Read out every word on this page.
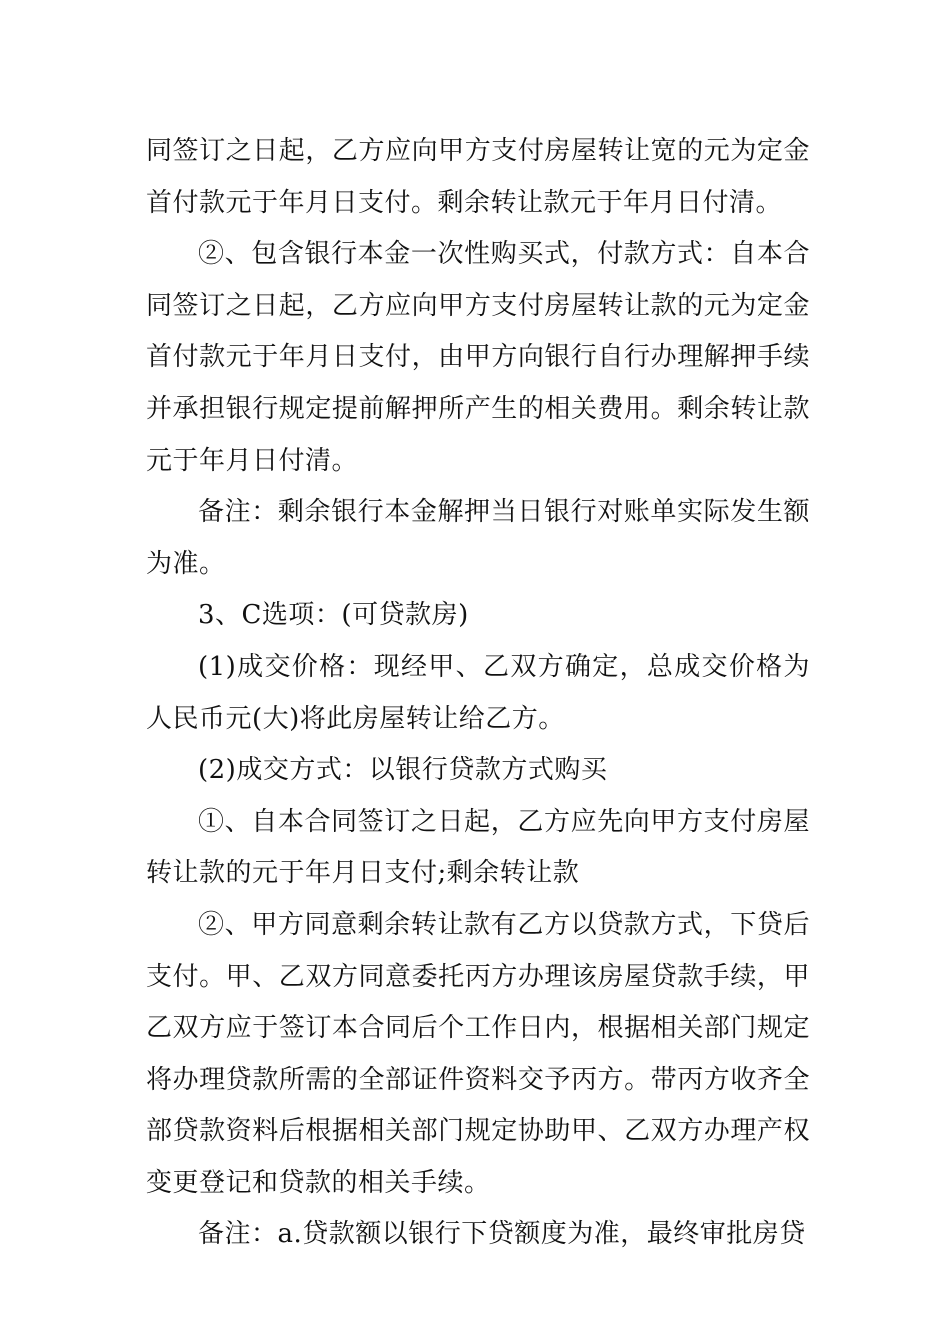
同签订之日起，乙方应向甲方支付房屋转让宽的元为定金首付款元于年月日支付。剩余转让款元于年月日付清。

②、包含银行本金一次性购买式，付款方式：自本合同签订之日起，乙方应向甲方支付房屋转让款的元为定金首付款元于年月日支付，由甲方向银行自行办理解押手续并承担银行规定提前解押所产生的相关费用。剩余转让款元于年月日付清。

备注：剩余银行本金解押当日银行对账单实际发生额为准。

3、C选项：(可贷款房)

(1)成交价格：现经甲、乙双方确定，总成交价格为人民币元(大)将此房屋转让给乙方。

(2)成交方式：以银行贷款方式购买

①、自本合同签订之日起，乙方应先向甲方支付房屋转让款的元于年月日支付;剩余转让款

②、甲方同意剩余转让款有乙方以贷款方式，下贷后支付。甲、乙双方同意委托丙方办理该房屋贷款手续，甲乙双方应于签订本合同后个工作日内，根据相关部门规定将办理贷款所需的全部证件资料交予丙方。带丙方收齐全部贷款资料后根据相关部门规定协助甲、乙双方办理产权变更登记和贷款的相关手续。

备注：a.贷款额以银行下贷额度为准，最终审批房贷
